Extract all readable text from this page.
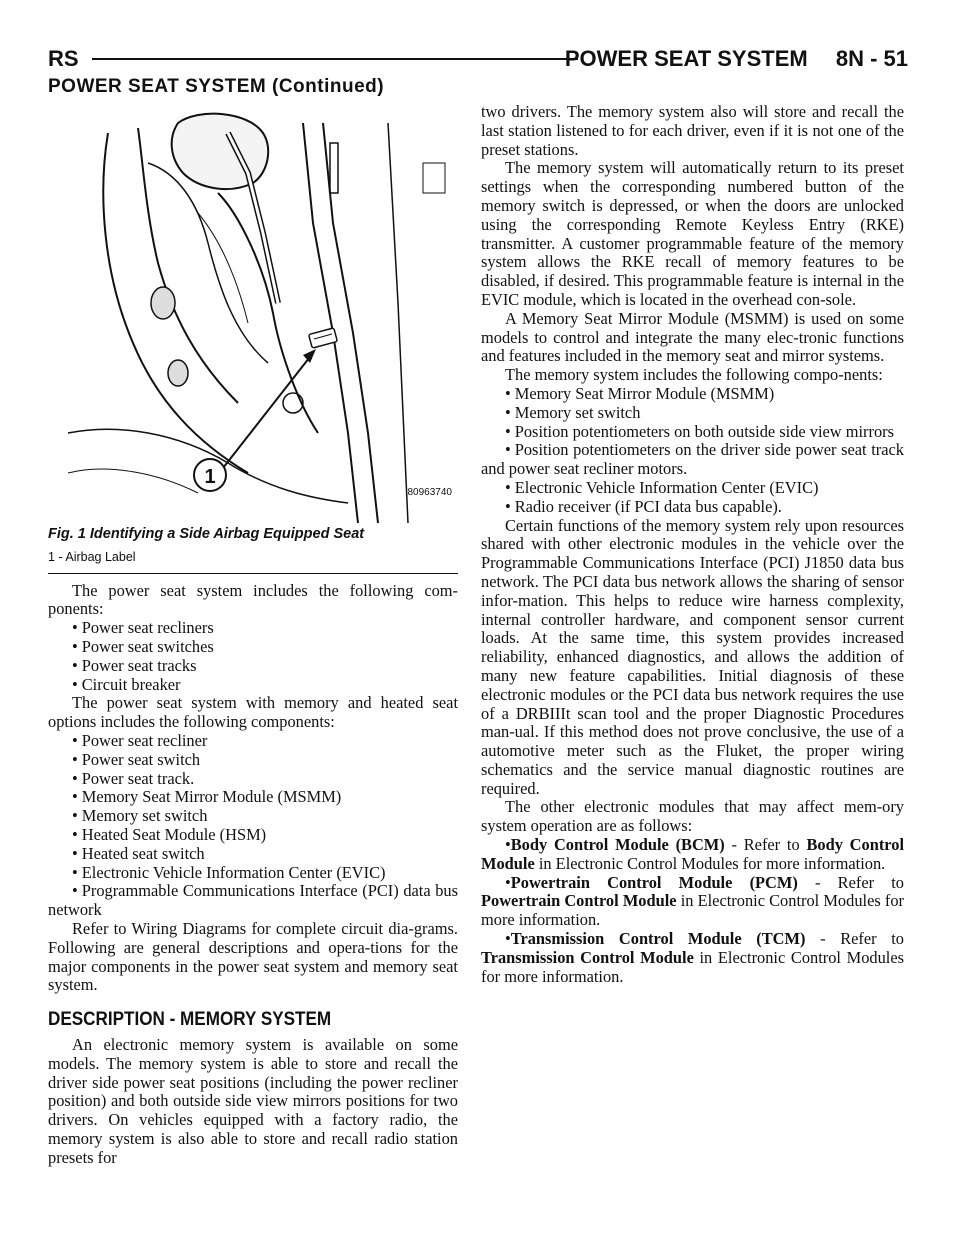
RS	POWER SEAT SYSTEM 8N - 51
POWER SEAT SYSTEM (Continued)
1
80963740
Fig. 1 Identifying a Side Airbag Equipped Seat
1 - Airbag Label

The power seat system includes the following com-ponents:

• Power seat recliners

• Power seat switches

• Power seat tracks

• Circuit breaker

The power seat system with memory and heated seat options includes the following components:

• Power seat recliner

• Power seat switch

• Power seat track.

• Memory Seat Mirror Module (MSMM)

• Memory set switch

• Heated Seat Module (HSM)

• Heated seat switch

• Electronic Vehicle Information Center (EVIC)

• Programmable Communications Interface (PCI) data bus network

Refer to Wiring Diagrams for complete circuit dia-grams. Following are general descriptions and opera-tions for the major components in the power seat system and memory seat system.

DESCRIPTION - MEMORY SYSTEM

An electronic memory system is available on some models. The memory system is able to store and recall the driver side power seat positions (including the power recliner position) and both outside side view mirrors positions for two drivers. On vehicles equipped with a factory radio, the memory system is also able to store and recall radio station presets for

two drivers. The memory system also will store and recall the last station listened to for each driver, even if it is not one of the preset stations.

The memory system will automatically return to its preset settings when the corresponding numbered button of the memory switch is depressed, or when the doors are unlocked using the corresponding Remote Keyless Entry (RKE) transmitter. A customer programmable feature of the memory system allows the RKE recall of memory features to be disabled, if desired. This programmable feature is internal in the EVIC module, which is located in the overhead con-sole.

A Memory Seat Mirror Module (MSMM) is used on some models to control and integrate the many elec-tronic functions and features included in the memory seat and mirror systems.

The memory system includes the following compo-nents:

• Memory Seat Mirror Module (MSMM)

• Memory set switch

• Position potentiometers on both outside side view mirrors

• Position potentiometers on the driver side power seat track and power seat recliner motors.

• Electronic Vehicle Information Center (EVIC)

• Radio receiver (if PCI data bus capable).

Certain functions of the memory system rely upon resources shared with other electronic modules in the vehicle over the Programmable Communications Interface (PCI) J1850 data bus network. The PCI data bus network allows the sharing of sensor infor-mation. This helps to reduce wire harness complexity, internal controller hardware, and component sensor current loads. At the same time, this system provides increased reliability, enhanced diagnostics, and allows the addition of many new feature capabilities. Initial diagnosis of these electronic modules or the PCI data bus network requires the use of a DRBIIIt scan tool and the proper Diagnostic Procedures man-ual. If this method does not prove conclusive, the use of a automotive meter such as the Fluket, the proper wiring schematics and the service manual diagnostic routines are required.

The other electronic modules that may affect mem-ory system operation are as follows:

•Body Control Module (BCM) - Refer to Body Control Module in Electronic Control Modules for more information.

•Powertrain Control Module (PCM) - Refer to Powertrain Control Module in Electronic Control Modules for more information.

•Transmission Control Module (TCM) - Refer to Transmission Control Module in Electronic Control Modules for more information.
